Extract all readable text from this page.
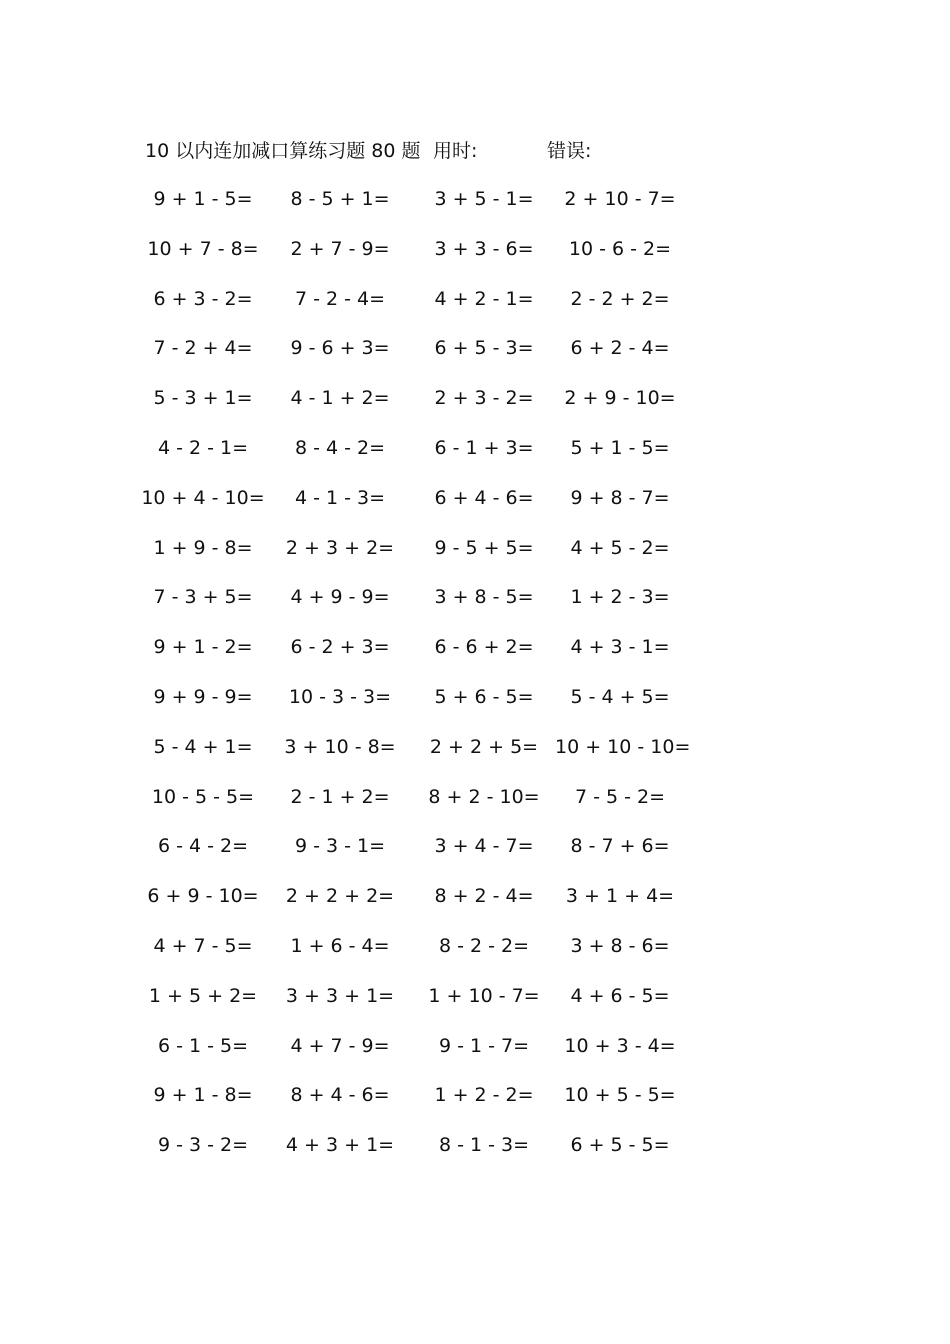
10 以内连加减口算练习题 80 题 用时:	错误:
9 + 1 - 5=	8 - 5 + 1=	3 + 5 - 1=	2 + 10 - 7=
10 + 7 - 8=	2 + 7 - 9=	3 + 3 - 6=	10 - 6 - 2=
6 + 3 - 2=	7 - 2 - 4=	4 + 2 - 1=	2 - 2 + 2=
7 - 2 + 4=	9 - 6 + 3=	6 + 5 - 3=	6 + 2 - 4=
5 - 3 + 1=	4 - 1 + 2=	2 + 3 - 2=	2 + 9 - 10=
4 - 2 - 1=	8 - 4 - 2=	6 - 1 + 3=	5 + 1 - 5=
10 + 4 - 10=	4 - 1 - 3=	6 + 4 - 6=	9 + 8 - 7=
1 + 9 - 8=	2 + 3 + 2=	9 - 5 + 5=	4 + 5 - 2=
7 - 3 + 5=	4 + 9 - 9=	3 + 8 - 5=	1 + 2 - 3=
9 + 1 - 2=	6 - 2 + 3=	6 - 6 + 2=	4 + 3 - 1=
9 + 9 - 9=	10 - 3 - 3=	5 + 6 - 5=	5 - 4 + 5=
5 - 4 + 1=	3 + 10 - 8=	2 + 2 + 5= 10 + 10 - 10=
10 - 5 - 5=	2 - 1 + 2=	8 + 2 - 10=	7 - 5 - 2=
6 - 4 - 2=	9 - 3 - 1=	3 + 4 - 7=	8 - 7 + 6=
6 + 9 - 10=	2 + 2 + 2=	8 + 2 - 4=	3 + 1 + 4=
4 + 7 - 5=	1 + 6 - 4=	8 - 2 - 2=	3 + 8 - 6=
1 + 5 + 2=	3 + 3 + 1=	1 + 10 - 7=	4 + 6 - 5=
6 - 1 - 5=	4 + 7 - 9=	9 - 1 - 7=	10 + 3 - 4=
9 + 1 - 8=	8 + 4 - 6=	1 + 2 - 2=	10 + 5 - 5=
9 - 3 - 2=	4 + 3 + 1=	8 - 1 - 3=	6 + 5 - 5=
